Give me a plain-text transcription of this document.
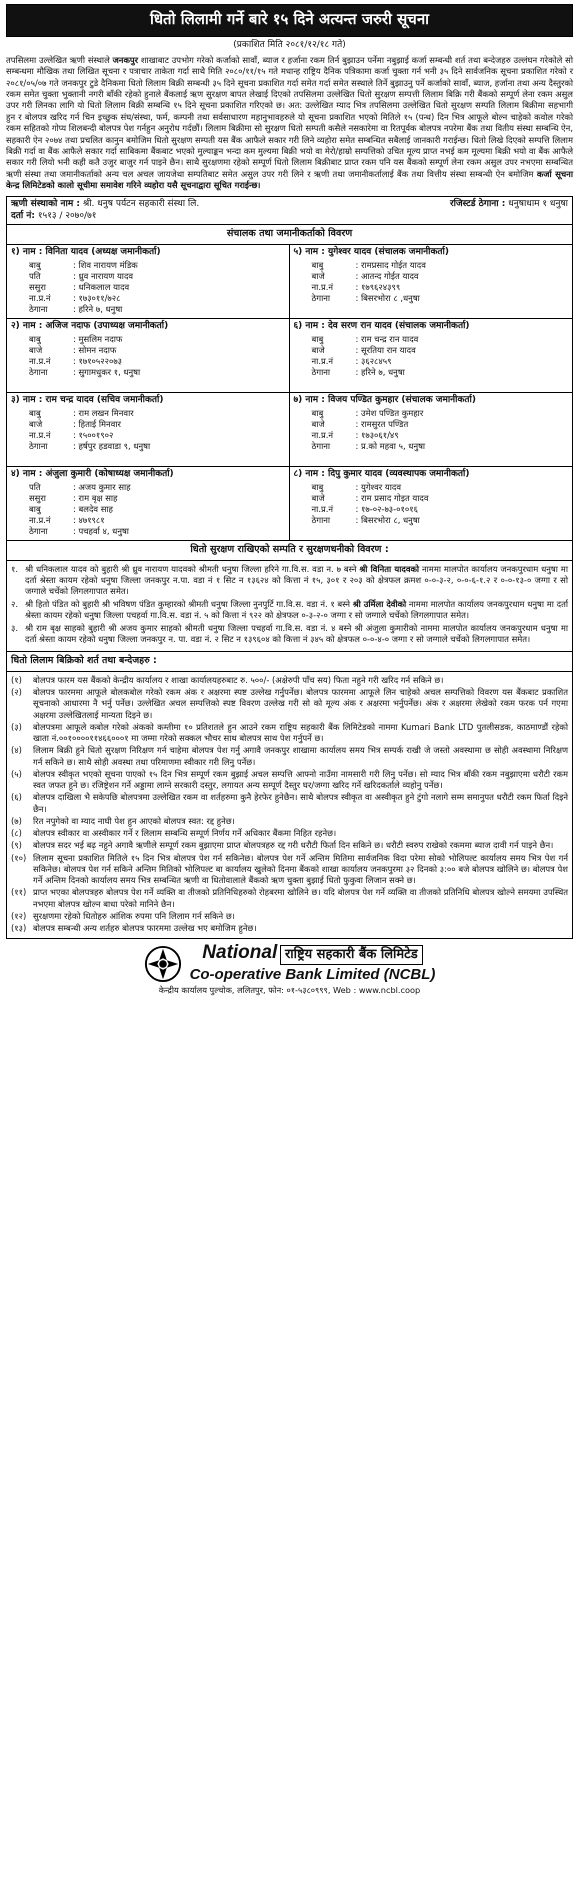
धितो लिलामी गर्ने बारे १५ दिने अत्यन्त जरुरी सूचना
(प्रकाशित मिति २०८१/१२/१८ गते)

तपसिलमा उल्लेखित ऋणी संस्थाले जनकपुर शाखाबाट उपभोग गरेको कर्जाको सावाँ, ब्याज र हर्जाना रकम तिर्न बुझाउन पर्नेमा नबुझाई कर्जा सम्बन्धी शर्त तथा बन्देजहरु उल्लंघन गरेकोले सो सम्बन्धमा मौखिक तथा लिखित सूचना र पत्राचार ताकेता गर्दा साथै मिति २०८०/११/१५ गते मधान्ह राष्ट्रिय दैनिक पत्रिकामा कर्जा चुक्ता गर्न भनी ३५ दिने सार्वजनिक सूचना प्रकाशित गरेको र २०८१/०५/०७ गते जनकपुर टुडे दैनिकमा धितो लिलाम बिक्री सम्बन्धी ३५ दिने सूचना प्रकाशित गर्दा समेत गर्दा समेत सस्थाले तिर्ने बुझाउनु पर्ने कर्जाको सावाँ, ब्याज, हर्जाना तथा अन्य दैस्तुरको रकम समेत चुक्ता भुक्तानी नगरी बाँकी रहेको हुनाले बैंकलाई ऋण सुरक्षण बापत लेखाई दिएको तपसिलमा उल्लेखित धितो सुरक्षण सम्पत्ती लिलाम बिक्रि गरी बैंकको सम्पूर्ण लेना रकम असुल उपर गरी लिनका लागि यो धितो लिलाम बिक्री सम्बन्धि १५ दिने सूचना प्रकाशित गरिएको छ। अत: उल्लेखित म्याद भित्र तपसिलमा उल्लेखित धितो सुरक्षण सम्पति लिलाम बिक्रीमा सहभागी हुन र बोलपत्र खरिद गर्न चिन इच्छुक संघ/संस्था, फर्म, कम्पनी तथा सर्वसाधारण महानुभावहरुले यो सूचना प्रकाशित भएको मितिले १५ (पन्ध) दिन भित्र आफूले बोल्न चाहेको कवोल गरेको रकम सहितको गोप्य शिलबन्दी बोलपत्र पेश गर्नहुन अनुरोध गर्दछौं। लिलाम बिक्रीमा सो सुरक्षण धितो सम्पती कसैले नसकारेमा वा रितपूर्वक बोलपत्र नपरेमा बैंक तथा वितीय संस्था सम्बन्धि ऐन, सहकारी ऐन २०७४ तथा प्रचलित कानुन बमोजिम धितो सुरक्षण सम्पती यस बैंक आफैले सकार गरी लिने व्यहोरा समेत सम्बन्धित सबैलाई जानकारी गराईन्छ। धितो लिखे दिएको सम्पत्ति लिलाम बिक्री गर्दा वा बैंक आफैले सकार गर्दा साबिकमा बैंकबाट भएको मुल्याङ्कन भन्दा कम मुल्यमा बिक्री भयो वा मेरो/हाम्रो सम्पत्तिको उचित मूल्य प्राप्त नभई कम मूल्यमा बिक्री भयो वा बैंक आफैले सकार गरी लियो भनी कही कतै उजुर बाजुर गर्न पाइने छैन। साथै सुरक्षणमा रहेको सम्पूर्ण धितो लिलाम बिक्रीबाट प्राप्त रकम पनि यस बैंकको सम्पूर्ण लेना रकम असुल उपर नभएमा सम्बन्धित ऋणी संस्था तथा जमानीकर्ताको अन्य चल अचल जायजेथा सम्पतिबाट समेत असुल उपर गरी लिने र ऋणी तथा जमानीकर्तालाई बैंक तथा वित्तीय संस्था सम्बन्धी ऐन बमोजिम कर्जा सूचना केन्द्र लिमिटेडको कालो सूचीमा समावेश गरिने व्यहोरा यसै सूचनाद्वारा सूचित गराईन्छ।

ऋणी संस्थाको नाम : श्री. धनुष पर्यटन सहकारी संस्था लि.	रजिस्टर्ड ठेगाना : धनुषाधाम १ धनुषा
दर्ता नं: १५१३ / २०७०/७१
संचालक तथा जमानीकर्ताको विवरण
१) नाम : विनिता यादव (अध्यक्ष जमानीकर्ता)
बाबु	: शिव नारायण मंडिक
पति	: ध्रुव नारायण यादव
ससुरा	: धनिकलाल यादव
ना.प्र.नं	: १७३०११/७२८
ठेगाना	: हरिने ७, धनुषा
५) नाम : युगेश्वर यादव (संचालक जमानीकर्ता)
बाबु	: रामप्रसाद गोईत यादव
बाजे	: आतन्द गोईत यादव
ना.प्र.नं	: १७९६२४३९९
ठेगाना	: बिसरभोरा ८ ,धनुषा
२) नाम : अजिज नदाफ (उपाध्यक्ष जमानीकर्ता)
बाबु	: मुसलिम नदाफ
बाजे	: सोमन नदाफ
ना.प्र.नं	: १७१०५२२०७३
ठेगाना	: सुगामधुकर १, धनुषा
६) नाम : देव सरण रान यादव (संचालक जमानीकर्ता)
बाबु	: राम चन्द्र रान यादव
बाजे	: सूरतिया रान यादव
ना.प्र.नं	: ३६२८४५९
ठेगाना	: हरिने ७, धनुषा
३) नाम : राम चन्द्र यादव (सचिव जमानीकर्ता)
बाबु	: राम लखन मिनवार
बाजे	: हिताई मिनवार
ना.प्र.नं	: १५००१९०२
ठेगाना	: हर्षपुर हडवाडा ९, धनुषा
७) नाम : विजय पण्डित कुमहार (संचालक जमानीकर्ता)
बाबु	: उमेश पण्डित कुमहार
बाजे	: रामसुरत पण्डित
ना.प्र.नं	: १७३०६१/४९
ठेगाना	: प्र.को महवा ५, धनुषा
४) नाम : अंजुला कुमारी (कोषाध्यक्ष जमानीकर्ता)
पति	: अजय कुमार साह
ससुरा	: राम बृक्ष साह
बाबु	: बलदेव साह
ना.प्र.नं	: ४७१९८१
ठेगाना	: पचहर्वा ४, धनुषा
८) नाम : दिपु कुमार यादव (व्यवस्थापक जमानीकर्ता)
बाबु	: युगेश्वर यादव
बाजे	: राम प्रसाद गोइत यादव
ना.प्र.नं	: १७-०२-७३-०१०१६
ठेगाना	: बिसरभोरा ८, धनुषा
धितो सुरक्षण राखिएको सम्पति र सुरक्षणधनीको विवरण :
१. श्री धनिकलाल यादव को बुहारी श्री ध्रुव नारायण यादवको श्रीमती धनुषा जिल्ला हरिने गा.वि.स. वडा न. ७ बस्ने श्री विनिता यादवको नाममा मालपोत कार्यालय जनकपुरधाम धनुषा मा दर्ता श्रेस्ता कायम रहेको धनुषा जिल्ला जनकपुर न.पा. वडा नं १ सिट न १३६२४ को कित्ता नं १५, ३०१ र २०३ को क्षेत्रफल क्रमश ०-०-३-२, ०-०-६-१.२ र ०-०-१३-० जग्गा र सो जग्गाले चर्चेको लिगलगापात समेत।
२. श्री हितो पंडित को बुहारी श्री भविषण पंडित कुम्हारको श्रीमती धनुषा जिल्ला नुनपुर्टि गा.वि.स. वडा नं. १ बस्ने श्री उर्मिला देवीको नाममा मालपोत कार्यालय जनकपुरधाम धनुषा मा दर्ता श्रेस्ता कायम रहेको धनुषा जिल्ला पचहर्वा गा.वि.स. वडा नं. ५ को कित्ता नं ९२२ को क्षेत्रफल ०-३-२-० जग्गा र सो जग्गाले चर्चेको लिगलगापात समेत।
३. श्री राम बृक्ष साहको बुहारी श्री अजय कुमार साहको श्रीमती धनुषा जिल्ला पचहर्वा गा.वि.स. वडा नं. ४ बस्ने श्री अंजुला कुमारीको नाममा मालपोत कार्यालय जनकपुरधाम धनुषा मा दर्ता श्रेस्ता कायम रहेको धनुषा जिल्ला जनकपुर न. पा. वडा नं. २ सिट न १३९६०४ को कित्ता नं ३४५ को क्षेत्रफल ०-०-४-० जग्गा र सो जग्गाले चर्चेको लिगलगापात समेत।
धितो लिलाम बिक्रिको शर्त तथा बन्देजहरु :
(१)	बोलपत्र फारम यस बैंकको केन्द्रीय कार्यालय र शाखा कार्यालयहरुबाट रु. ५००/- (अक्षेरुपी पाँच सय) फिता नहुने गरी खरिद गर्न सकिने छ।
(२)	बोलपत्र फारममा आफूले बोलकबोल गरेको रकम अंक र अक्षरमा स्पष्ट उल्लेख गर्नुपर्नेछ। बोलपत्र फारममा आफूले लिन चाहेको अचल सम्पत्तिको विवरण यस बैंकबाट प्रकाशित सूचनाको आधारमा नै भर्नु पर्नेछ। उल्लेखित अचल सम्पत्तिको स्पष्ट विवरण उल्लेख गरी सो को मूल्य अंक र अक्षरमा भर्नुपर्नेछ। अंक र अक्षरमा लेखेको रकम फरक पर्न गएमा अक्षरमा उल्लेखितलाई मान्यता दिइने छ।
(३)	बोलपत्रमा आफूले कबोल गरेको अंकको कम्तीमा १० प्रतिशतले हुन आउने रकम राष्ट्रिय सहकारी बैंक लिमिटेडको नाममा Kumari Bank LTD पुतलीसडक, काठमाण्डौं रहेको खाता नं.००१००००११४६६०००१ मा जम्मा गरेको सक्कल भौचर साथ बोलपत्र साथ पेश गर्नुपर्ने छ।
(४)	लिलाम बिक्री हुने धितो सुरक्षण निरिक्षण गर्न चाहेमा बोलपत्र पेश गर्नु अगावै जनकपुर शाखामा कार्यालय समय भित्र सम्पर्क राखी जे जस्तो अवस्थामा छ सोही अवस्थामा निरिक्षण गर्न सकिने छ। साथै सोही अवस्था तथा परिमाणमा स्वीकार गरी लिनु पर्नेछ।
(५)	बोलपत्र स्वीकृत भएको सूचना पाएको १५ दिन भित्र सम्पूर्ण रकम बुझाई अचल सम्पत्ति आफ्नो नाउँमा नामसारी गरी लिनु पर्नेछ। सो म्याद भित्र बाँकी रकम नबुझाएमा धरौटी रकम स्वत जफत हुने छ। रजिष्ट्रेशन गर्ने अड्डामा लाग्ने सरकारी दस्तुर, लगायत अन्य सम्पूर्ण दैस्तुर घर/जग्गा खरिद गर्ने खरिदकर्ताले व्यहोनु पर्नेछ।
(६)	बोलपत्र दाखिला भै सकेपछि बोलपत्रमा उल्लेखित रकम वा शर्तहरुमा कुनै हेरफेर हुनेछैन। साथै बोलपत्र स्वीकृत वा अस्वीकृत हुने टुंगो नलागे सम्म समानुपत धरौटी रकम फिर्ता दिइने छैन।
(७)	रित नपुगेको वा म्याद नाघी पेश हुन आएको बोलपत्र स्वत: रद्द हुनेछ।
(८)	बोलपत्र स्वीकार वा अस्वीकार गर्ने र लिलाम सम्बन्धि सम्पूर्ण निर्णय गर्ने अधिकार बैंकमा निहित रहनेछ।
(९)	बोलपत्र सदर भई बढ़ नहुने अगावै ऋणीले सम्पूर्ण रकम बुझाएमा प्राप्त बोलपत्रहरु रद्द गरी धरौटी फिर्ता दिन सकिने छ। धरौटी स्वरुप राखेको रकममा ब्याज दावी गर्न पाइने छैन।
(१०) लिलाम सूचना प्रकाशित मितिले १५ दिन भित्र बोलपत्र पेश गर्न सकिनेछ। बोलपत्र पेश गर्ने अन्तिम मितिमा सार्वजनिक विदा परेमा सोको भोलिपल्ट कार्यालय समय भित्र पेश गर्न सकिनेछ। बोलपत्र पेश गर्न सकिने अन्तिम मितिको भोलिपल्ट बा कार्यालय खुलेको दिनमा बैंकको शाखा कार्यालय जनकपुरमा ३२ दिनको ३:०० बजे बोलपत्र खोलिने छ। बोलपत्र पेश गर्ने अन्तिम दिनको कार्यालय समय भित्र सम्बन्धित ऋणी वा धितोवालाले बैंकको ऋण चुक्ता बुझाई धितो फुकुवा लिजान सक्ने छ।
(११) प्राप्त भएका बोलपत्रहरु बोलपत्र पेश गर्ने व्यक्ति वा तीजको प्रतिनिधिहरुको रोहबरमा खोलिने छ। यदि बोलपत्र पेश गर्ने व्यक्ति वा तीजको प्रतिनिधि बोलपत्र खोल्ने समयमा उपस्थित नभएमा बोलपत्र खोल्न बाधा परेको मानिने छैन।
(१२) सुरक्षणमा रहेको धितोहरु आंशिक रुपमा पनि लिलाम गर्न सकिने छ।
(१३) बोलपत्र सम्बन्धी अन्य शर्तहरु बोलपत्र फारममा उल्लेख भए बमोजिम हुनेछ।
National राष्ट्रिय सहकारी बैंक लिमिटेड
Co-operative Bank Limited (NCBL)
केन्द्रीय कार्यालय पुल्चोक, ललितपुर, फोन: ०१-५३८०९९९, Web : www.ncbl.coop
